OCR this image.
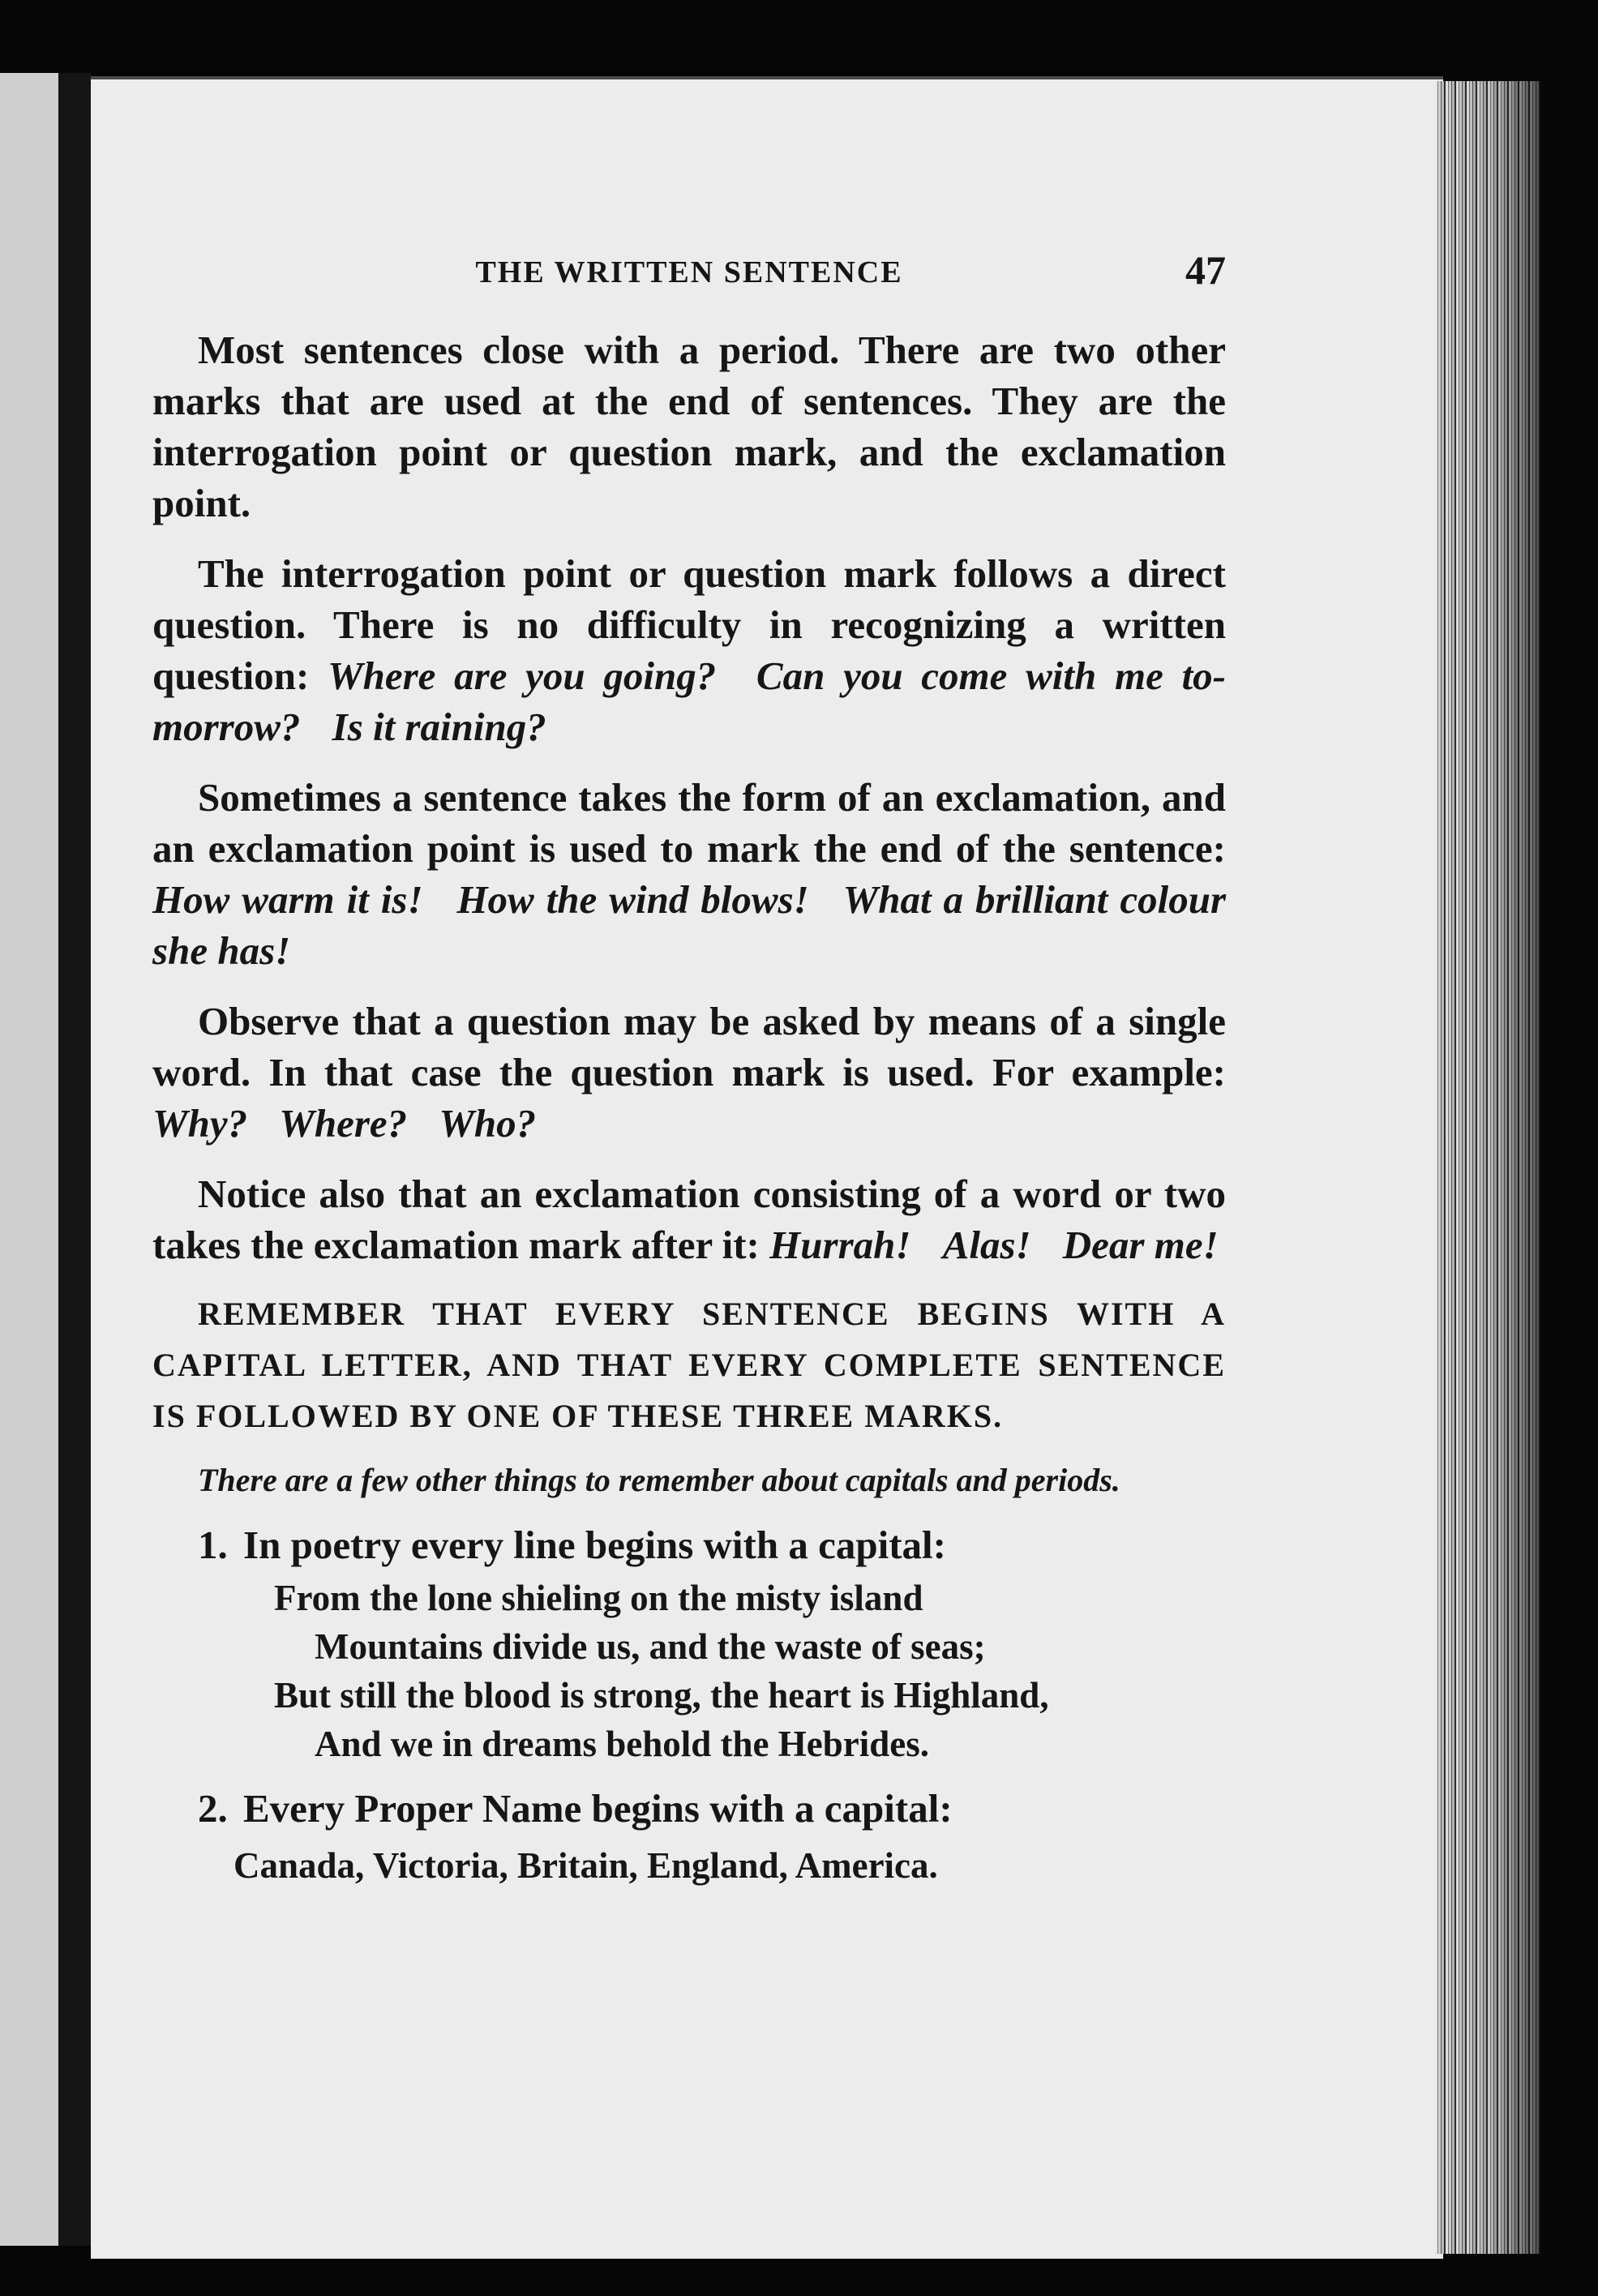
THE WRITTEN SENTENCE	47

Most sentences close with a period. There are two other marks that are used at the end of sentences. They are the interrogation point or question mark, and the exclamation point.

The interrogation point or question mark follows a direct question. There is no difficulty in recognizing a written question: Where are you going? Can you come with me to-morrow? Is it raining?

Sometimes a sentence takes the form of an exclamation, and an exclamation point is used to mark the end of the sentence: How warm it is! How the wind blows! What a brilliant colour she has!

Observe that a question may be asked by means of a single word. In that case the question mark is used. For example: Why? Where? Who?

Notice also that an exclamation consisting of a word or two takes the exclamation mark after it: Hurrah! Alas! Dear me!

REMEMBER THAT EVERY SENTENCE BEGINS WITH A CAPITAL LETTER, AND THAT EVERY COMPLETE SENTENCE IS FOLLOWED BY ONE OF THESE THREE MARKS.

There are a few other things to remember about capitals and periods.

1. In poetry every line begins with a capital:
From the lone shieling on the misty island
Mountains divide us, and the waste of seas;
But still the blood is strong, the heart is Highland,
And we in dreams behold the Hebrides.
2. Every Proper Name begins with a capital:
Canada, Victoria, Britain, England, America.
